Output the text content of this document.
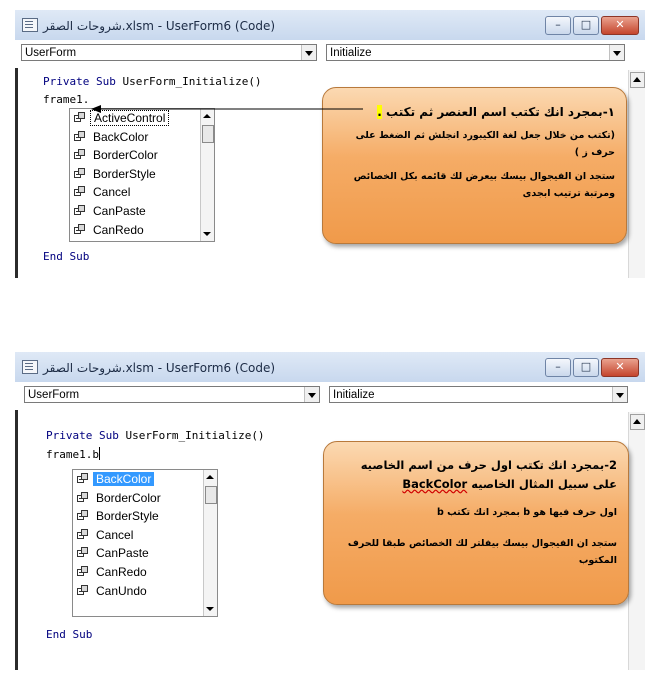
شروحات الصقر.xlsm - UserForm6 (Code)	–	□	✕
UserForm	Initialize
Private Sub UserForm_Initialize()
frame1.
End Sub
ActiveControl
BackColor
BorderColor
BorderStyle
Cancel
CanPaste
CanRedo

١-بمجرد انك تكتب اسم العنصر ثم تكتب .

(تكتب من خلال جعل لغة الكيبورد انجلش ثم الضغط على حرف ز )

ستجد ان الفيجوال بيسك بيعرض لك قائمه بكل الخصائص ومرتبة ترتيب ابجدى

شروحات الصقر.xlsm - UserForm6 (Code)	–	□	✕
UserForm	Initialize
Private Sub UserForm_Initialize()
frame1.b
End Sub
BackColor
BorderColor
BorderStyle
Cancel
CanPaste
CanRedo
CanUndo

2-بمجرد انك تكتب اول حرف من اسم الخاصيه

على سبيل المثال الخاصيه BackColor

اول حرف فيها هو b بمجرد انك تكتب b

ستجد ان الفيجوال بيسك بيفلتر لك الخصائص طبقا للحرف المكتوب
